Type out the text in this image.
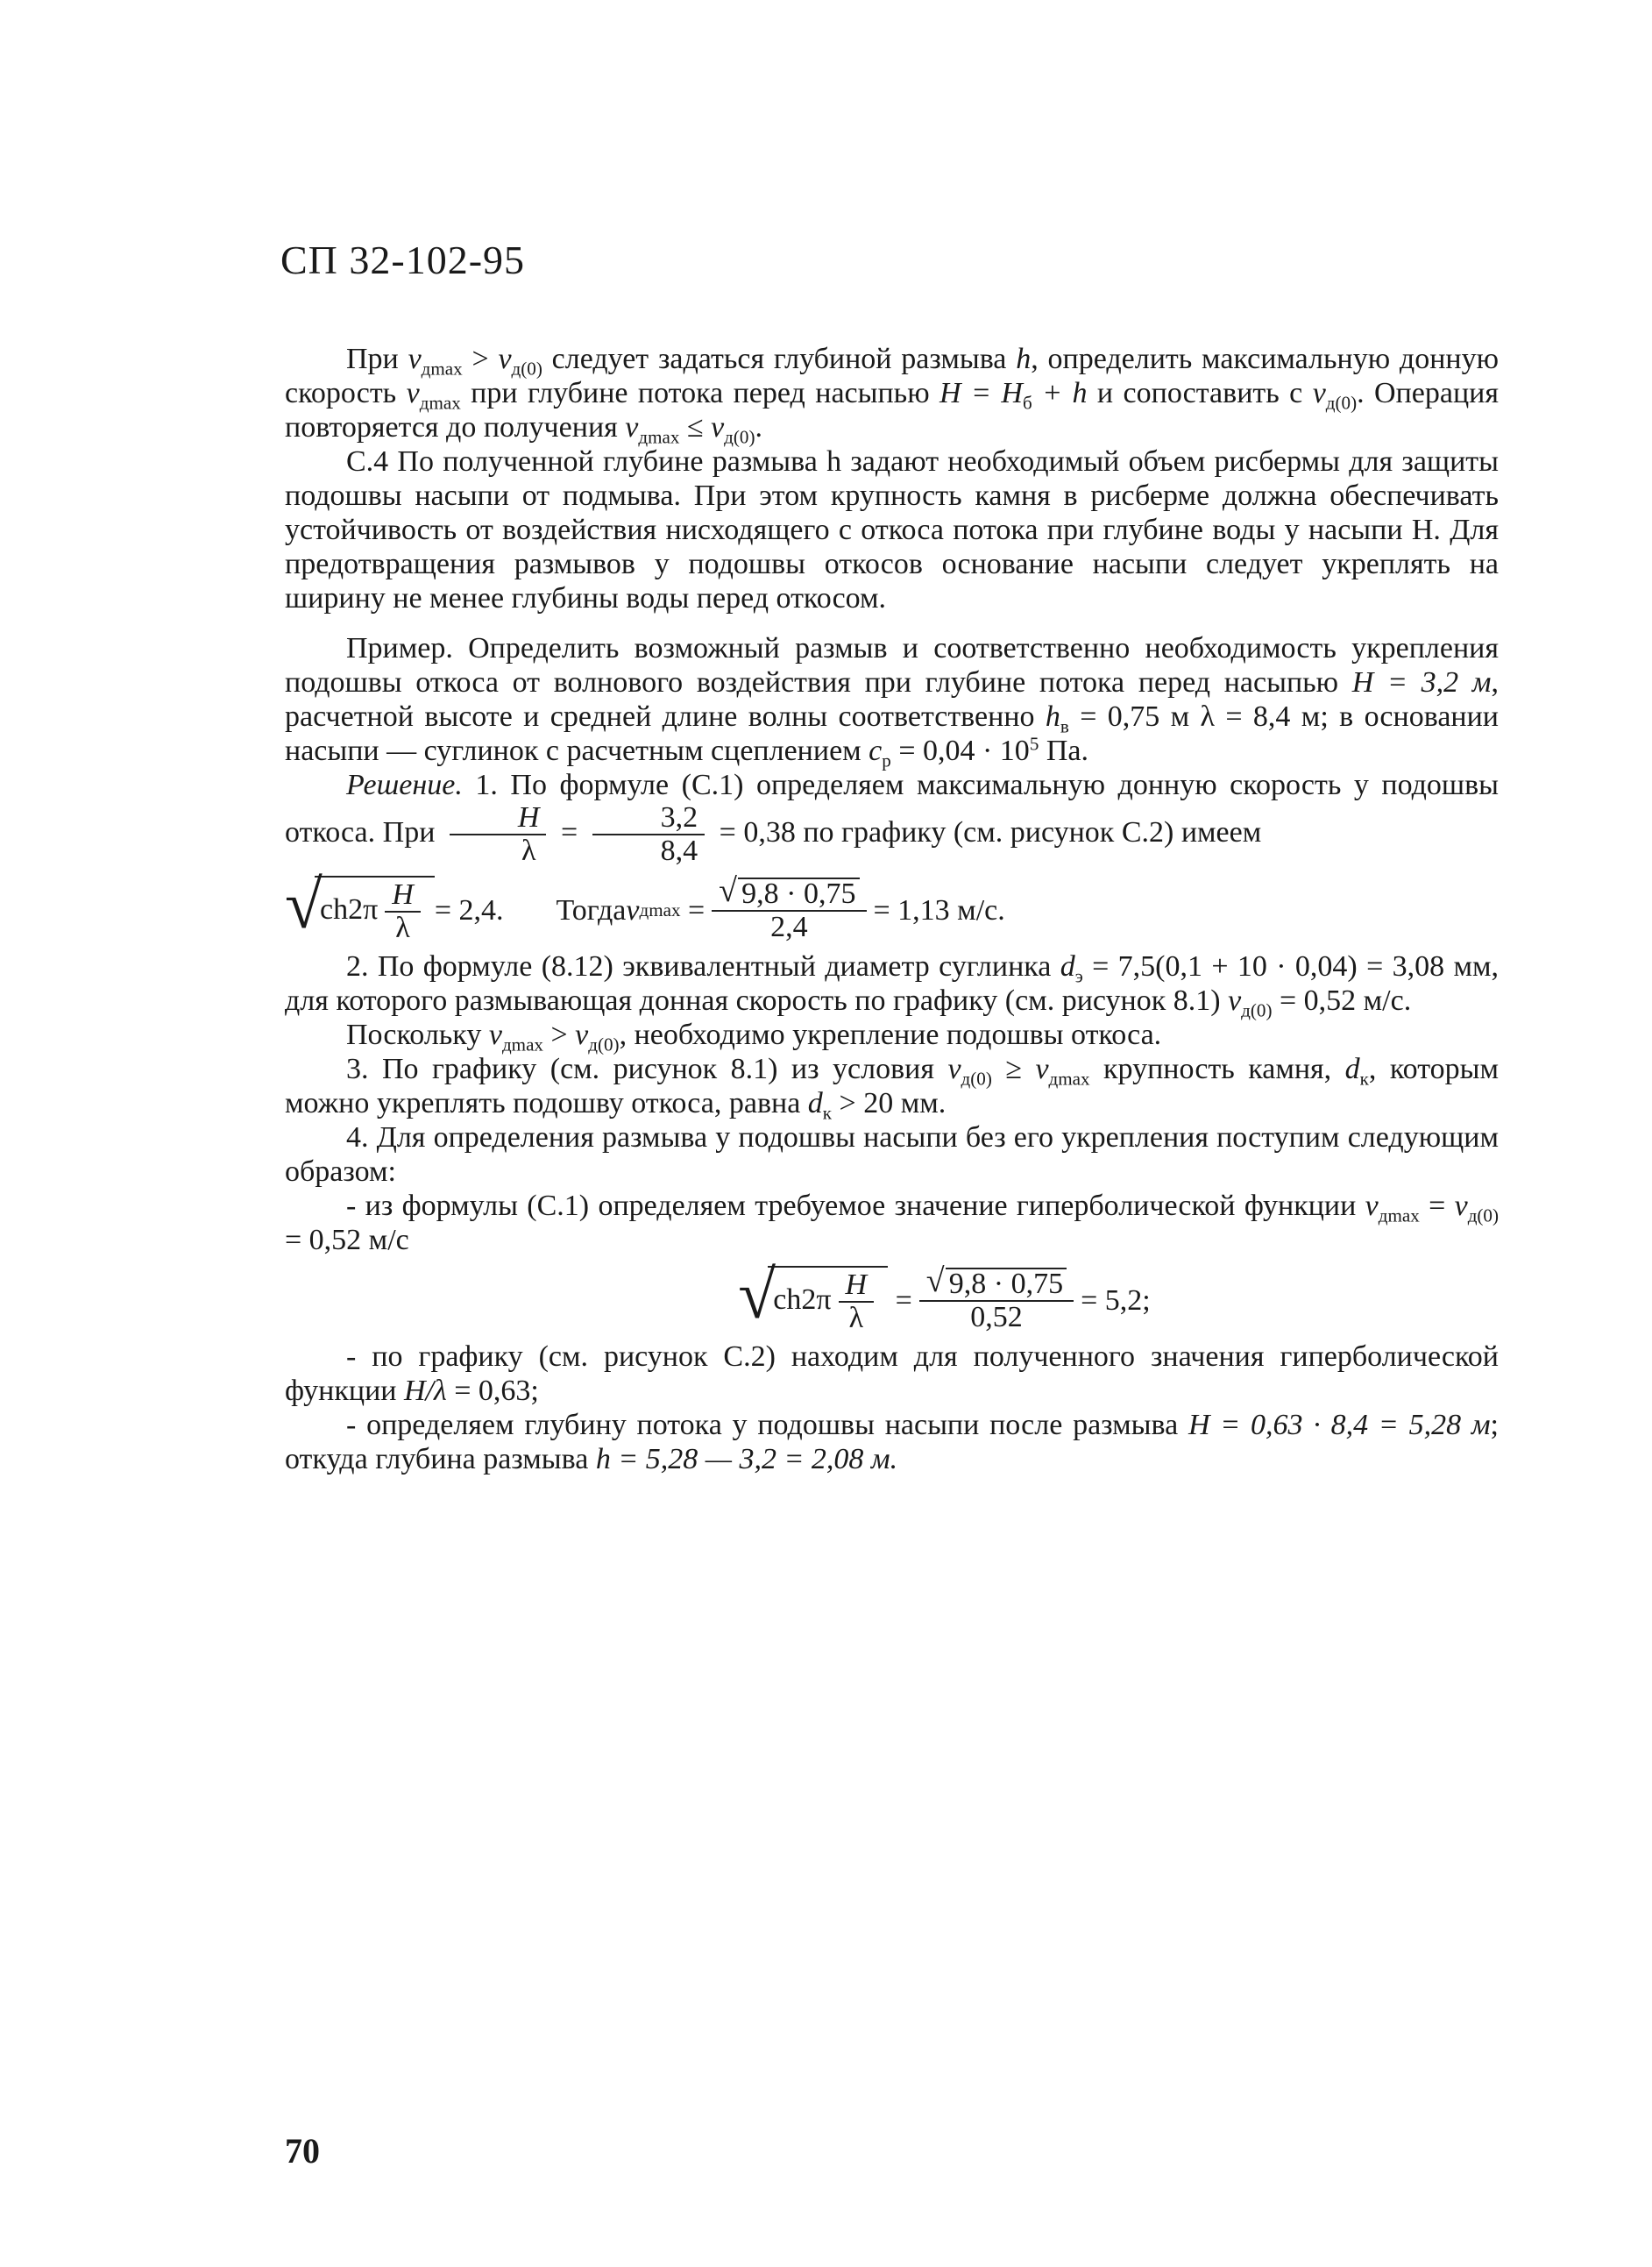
СП 32-102-95

При $v_{дmax} > v_{д(0)}$ следует задаться глубиной размыва h, определить максимальную донную скорость $v_{дmax}$ при глубине потока перед насыпью $H = H_б + h$ и сопоставить с $v_{д(0)}$. Операция повторяется до получения $v_{дmax} \le v_{д(0)}$.

С.4 По полученной глубине размыва h задают необходимый объем рисбермы для защиты подошвы насыпи от подмыва. При этом крупность камня в рисберме должна обеспечивать устойчивость от воздействия нисходящего с откоса потока при глубине воды у насыпи H. Для предотвращения размывов у подошвы откосов основание насыпи следует укреплять на ширину не менее глубины воды перед откосом.

Пример. Определить возможный размыв и соответственно необходимость укрепления подошвы откоса от волнового воздействия при глубине потока перед насыпью H = 3,2 м, расчетной высоте и средней длине волны соответственно $h_в = 0,75$ м λ = 8,4 м; в основании насыпи — суглинок с расчетным сцеплением $c_р = 0,04 \cdot 10^5$ Па.

Решение. 1. По формуле (С.1) определяем максимальную донную скорость у подошвы откоса. При $\frac{H}{\lambda} = \frac{3,2}{8,4} = 0,38$ по графику (см. рисунок С.2) имеем

√
$ch2\pi \frac{H}{\lambda} = 2,4$. Тогда v $д\max = \frac{√ 9,8 \cdot 0,75}{2,4} = 1,13$ м/с.

2. По формуле (8.12) эквивалентный диаметр суглинка $d_э = 7,5(0,1 + 10 \cdot 0,04) = 3,08$ мм, для которого размывающая донная скорость по графику (см. рисунок 8.1) $v_{д(0)} = 0,52$ м/с.

Поскольку $v_{дmax} > v_{д(0)}$, необходимо укрепление подошвы откоса.

3. По графику (см. рисунок 8.1) из условия $v_{д(0)} \ge v_{дmax}$ крупность камня, $d_к$, которым можно укреплять подошву откоса, равна $d_к > 20$ мм.

4. Для определения размыва у подошвы насыпи без его укрепления поступим следующим образом:

- из формулы (С.1) определяем требуемое значение гиперболической функции $v_{дmax} = v_{д(0)} = 0,52$ м/с

√
$ch2\pi \frac{H}{\lambda} = \frac{√ 9,8 \cdot 0,75}{0,52} = 5,2$;

- по графику (см. рисунок С.2) находим для полученного значения гиперболической функции H/λ = 0,63;

- определяем глубину потока у подошвы насыпи после размыва H = 0,63 · 8,4 = 5,28 м; откуда глубина размыва h = 5,28 — 3,2 = 2,08 м.

70
